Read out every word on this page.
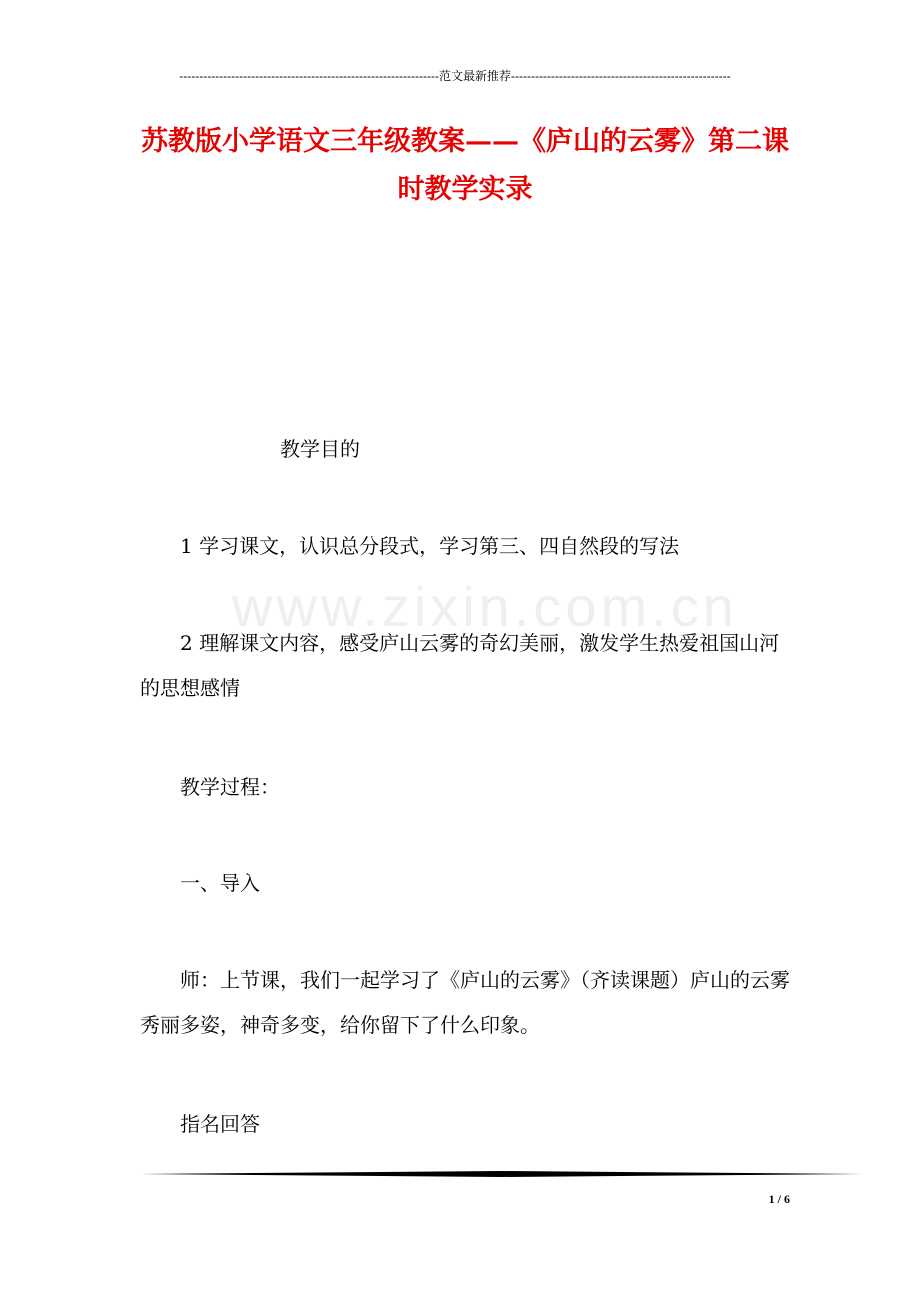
-----------------------------------------------------------------范文最新推荐-------------------------------------------------------
苏教版小学语文三年级教案——《庐山的云雾》第二课时教学实录
www.zixin.com.cn
教学目的
1 学习课文，认识总分段式，学习第三、四自然段的写法
2 理解课文内容，感受庐山云雾的奇幻美丽，激发学生热爱祖国山河的思想感情
教学过程：
一、导入
师：上节课，我们一起学习了《庐山的云雾》（齐读课题）庐山的云雾秀丽多姿，神奇多变，给你留下了什么印象。
指名回答
1 / 6
